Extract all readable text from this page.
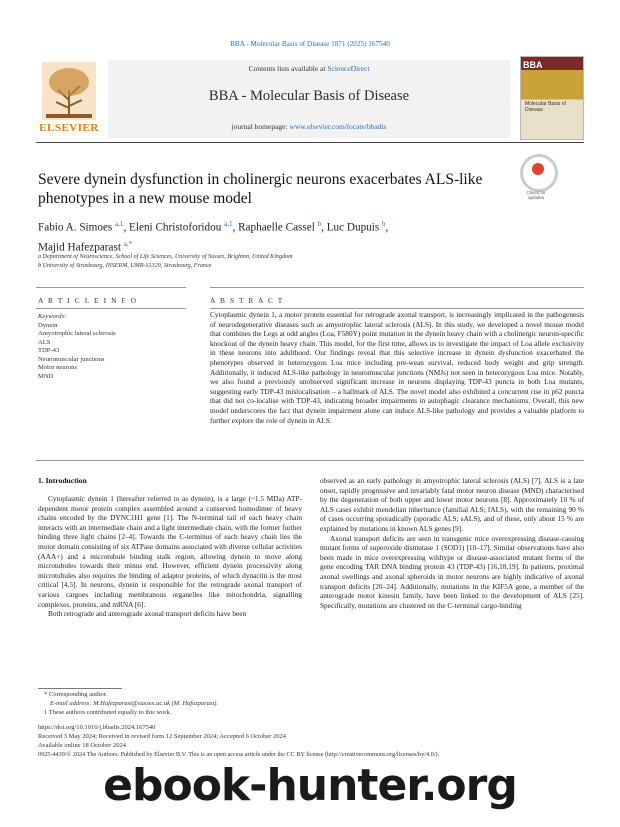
BBA - Molecular Basis of Disease 1871 (2025) 167540
ELSEVIER
Contents lists available at ScienceDirect
BBA - Molecular Basis of Disease
journal homepage: www.elsevier.com/locate/bbadis
BBA
Molecular Basis of Disease
Severe dynein dysfunction in cholinergic neurons exacerbates ALS-like phenotypes in a new mouse model	Check for updates
Fabio A. Simoes $^{a,1}$, Eleni Christoforidou $^{a,1}$, Raphaelle Cassel $^b$, Luc Dupuis $^b$,
Majid Hafezparast $^{a,*}$
a Department of Neuroscience, School of Life Sciences, University of Sussex, Brighton, United Kingdom
b University of Strasbourg, INSERM, UMR-S1329, Strasbourg, France
A R T I C L E I N F O	A B S T R A C T
Keywords:
Dynein
Amyotrophic lateral sclerosis
ALS
TDP-43
Neuromuscular junctions
Motor neurons
MND
Cytoplasmic dynein 1, a motor protein essential for retrograde axonal transport, is increasingly implicated in the pathogenesis of neurodegenerative diseases such as amyotrophic lateral sclerosis (ALS). In this study, we developed a novel mouse model that combines the Legs at odd angles (Loa, F580Y) point mutation in the dynein heavy chain with a cholinergic neuron-specific knockout of the dynein heavy chain. This model, for the first time, allows us to investigate the impact of Loa allele exclusivity in these neurons into adulthood. Our findings reveal that this selective increase in dynein dysfunction exacerbated the phenotypes observed in heterozygous Loa mice including pre-wean survival, reduced body weight and grip strength. Additionally, it induced ALS-like pathology in neuromuscular junctions (NMJs) not seen in heterozygous Loa mice. Notably, we also found a previously unobserved significant increase in neurons displaying TDP-43 puncta in both Loa mutants, suggesting early TDP-43 mislocalisation – a hallmark of ALS. The novel model also exhibited a concurrent rise in p62 puncta that did not co-localise with TDP-43, indicating broader impairments in autophagic clearance mechanisms. Overall, this new model underscores the fact that dynein impairment alone can induce ALS-like pathology and provides a valuable platform to further explore the role of dynein in ALS.
1. Introduction

Cytoplasmic dynein 1 (hereafter referred to as dynein), is a large (~1.5 MDa) ATP-dependent motor protein complex assembled around a conserved homodimer of heavy chains encoded by the DYNC1H1 gene [1]. The N-terminal tail of each heavy chain interacts with an intermediate chain and a light intermediate chain, with the former further binding three light chains [2–4]. Towards the C-terminus of each heavy chain lies the motor domain consisting of six ATPase domains associated with diverse cellular activities (AAA+) and a microtubule binding stalk region, allowing dynein to move along microtubules towards their minus end. However, efficient dynein processivity along microtubules also requires the binding of adaptor proteins, of which dynactin is the most critical [4,5]. In neurons, dynein is responsible for the retrograde axonal transport of various cargoes including membranous organelles like mitochondria, signalling complexes, proteins, and mRNA [6].

Both retrograde and anterograde axonal transport deficits have been

observed as an early pathology in amyotrophic lateral sclerosis (ALS) [7]. ALS is a late onset, rapidly progressive and invariably fatal motor neuron disease (MND) characterised by the degeneration of both upper and lower motor neurons [8]. Approximately 10 % of ALS cases exhibit mendelian inheritance (familial ALS; fALS), with the remaining 90 % of cases occurring sporadically (sporadic ALS; sALS), and of these, only about 15 % are explained by mutations in known ALS genes [9].

Axonal transport deficits are seen in transgenic mice overexpressing disease-causing mutant forms of superoxide dismutase 1 (SOD1) [10–17]. Similar observations have also been made in mice overexpressing wildtype or disease-associated mutant forms of the gene encoding TAR DNA binding protein 43 (TDP-43) [16,18,19]. In patients, proximal axonal swellings and axonal spheroids in motor neurons are highly indicative of axonal transport deficits [20–24]. Additionally, mutations in the KIF5A gene, a member of the anterograde motor kinesin family, have been linked to the development of ALS [25]. Specifically, mutations are clustered on the C-terminal cargo-binding

* Corresponding author.
E-mail address: M.Hafezparast@sussex.ac.uk (M. Hafezparast).
1 These authors contributed equally to this work.
https://doi.org/10.1016/j.bbadis.2024.167540
Received 3 May 2024; Received in revised form 12 September 2024; Accepted 6 October 2024
Available online 18 October 2024
0925-4439/© 2024 The Authors. Published by Elsevier B.V. This is an open access article under the CC BY license (http://creativecommons.org/licenses/by/4.0/).
ebook-hunter.org
